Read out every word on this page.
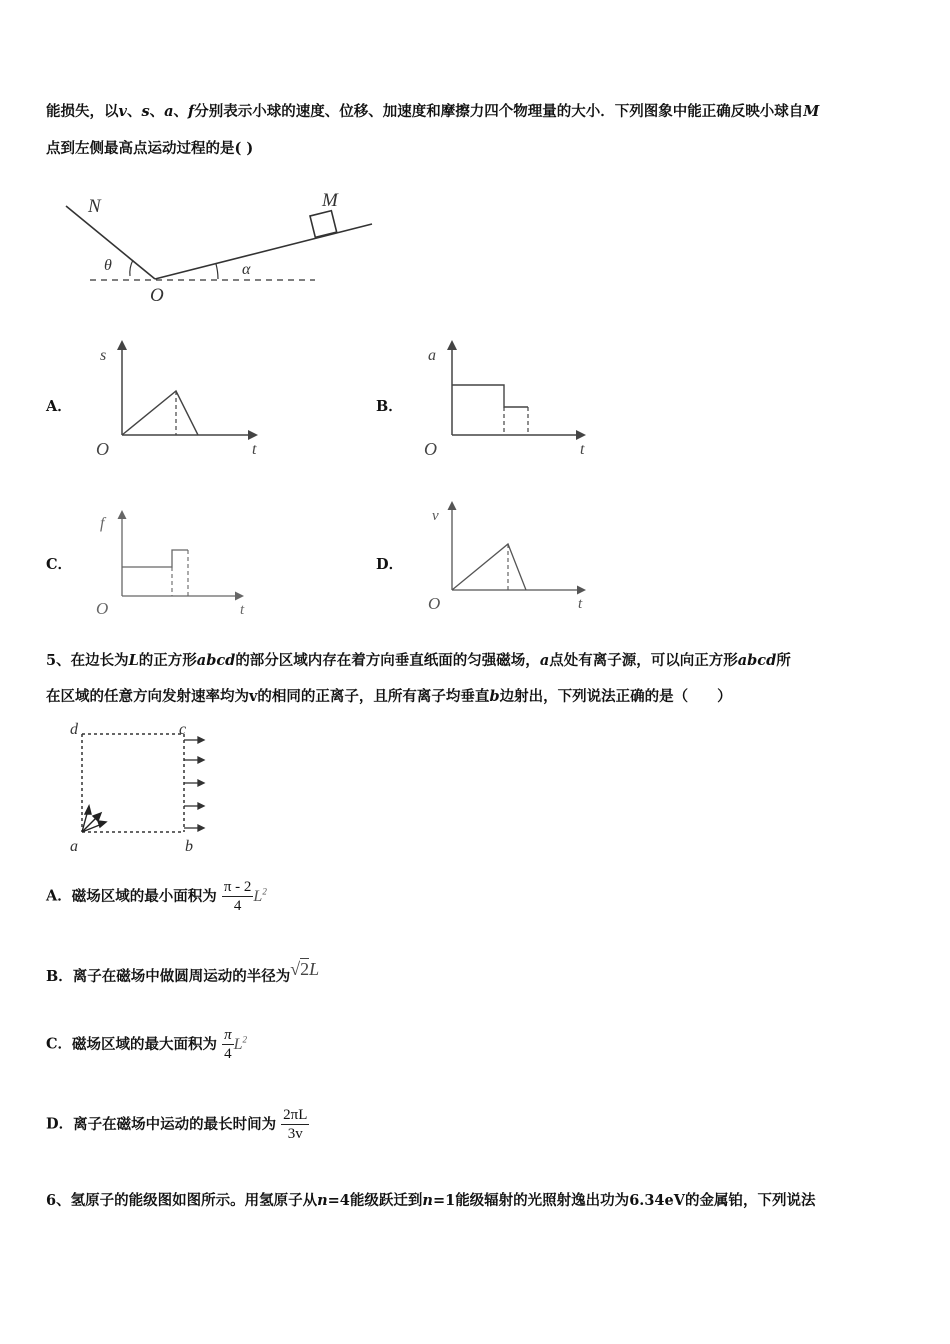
能损失，以v、s、a、f分别表示小球的速度、位移、加速度和摩擦力四个物理量的大小．下列图象中能正确反映小球自M
点到左侧最高点运动过程的是( )
N	M
O
θ	α
A．
s
t
O
B．
a
t
O
C．
f
t
O
D．
v
t
O
5、在边长为L的正方形abcd的部分区域内存在着方向垂直纸面的匀强磁场，a点处有离子源，可以向正方形abcd所
在区域的任意方向发射速率均为v的相同的正离子，且所有离子均垂直b边射出，下列说法正确的是（　　）
d	c
a	b
A．磁场区域的最小面积为 $\frac{\pi - 2}{4} L^2$
B．离子在磁场中做圆周运动的半径为√2L
C．磁场区域的最大面积为 $\frac{\pi}{4} L^2$
D．离子在磁场中运动的最长时间为 $\frac{2\pi L}{3v}$
6、氢原子的能级图如图所示。用氢原子从n=4能级跃迁到n=1能级辐射的光照射逸出功为6.34eV的金属铂，下列说法
